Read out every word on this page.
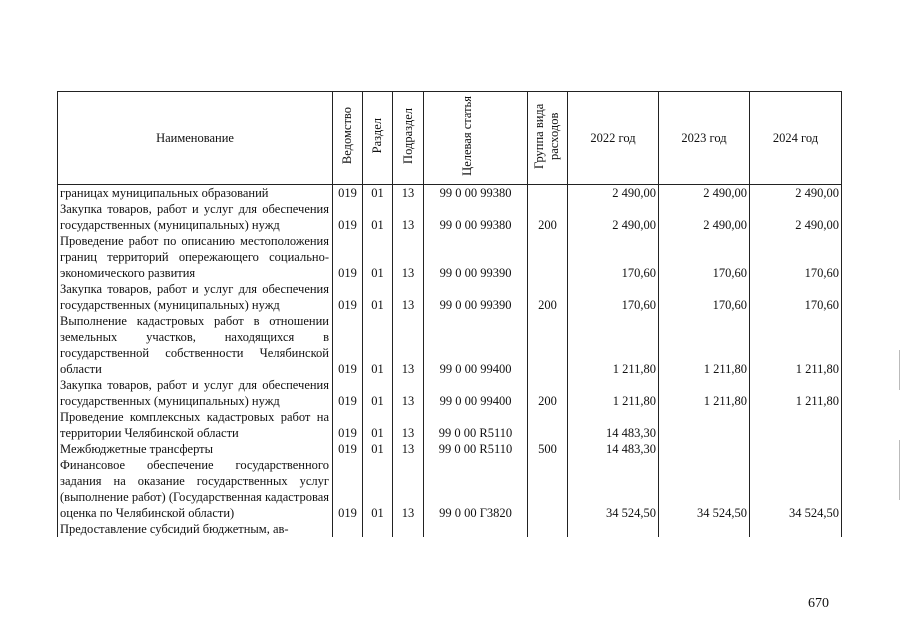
Наименование	Ведомство	Раздел	Подраздел	Целевая статья	Группа вида расходов	2022 год	2023 год	2024 год
границах муниципальных образований	019	01	13	99 0 00 99380		2 490,00	2 490,00	2 490,00
Закупка товаров, работ и услуг для обеспечения государственных (муниципальных) нужд	019	01	13	99 0 00 99380	200	2 490,00	2 490,00	2 490,00
Проведение работ по описанию местоположения границ территорий опережающего социально-экономического развития	019	01	13	99 0 00 99390		170,60	170,60	170,60
Закупка товаров, работ и услуг для обеспечения государственных (муниципальных) нужд	019	01	13	99 0 00 99390	200	170,60	170,60	170,60
Выполнение кадастровых работ в отношении земельных участков, находящихся в государственной собственности Челябинской области	019	01	13	99 0 00 99400		1 211,80	1 211,80	1 211,80
Закупка товаров, работ и услуг для обеспечения государственных (муниципальных) нужд	019	01	13	99 0 00 99400	200	1 211,80	1 211,80	1 211,80
Проведение комплексных кадастровых работ на территории Челябинской области	019	01	13	99 0 00 R5110		14 483,30		
Межбюджетные трансферты	019	01	13	99 0 00 R5110	500	14 483,30		
Финансовое обеспечение государственного задания на оказание государственных услуг (выполнение работ) (Государственная кадастровая оценка по Челябинской области)	019	01	13	99 0 00 Г3820		34 524,50	34 524,50	34 524,50
Предоставление субсидий бюджетным, ав-								
670
